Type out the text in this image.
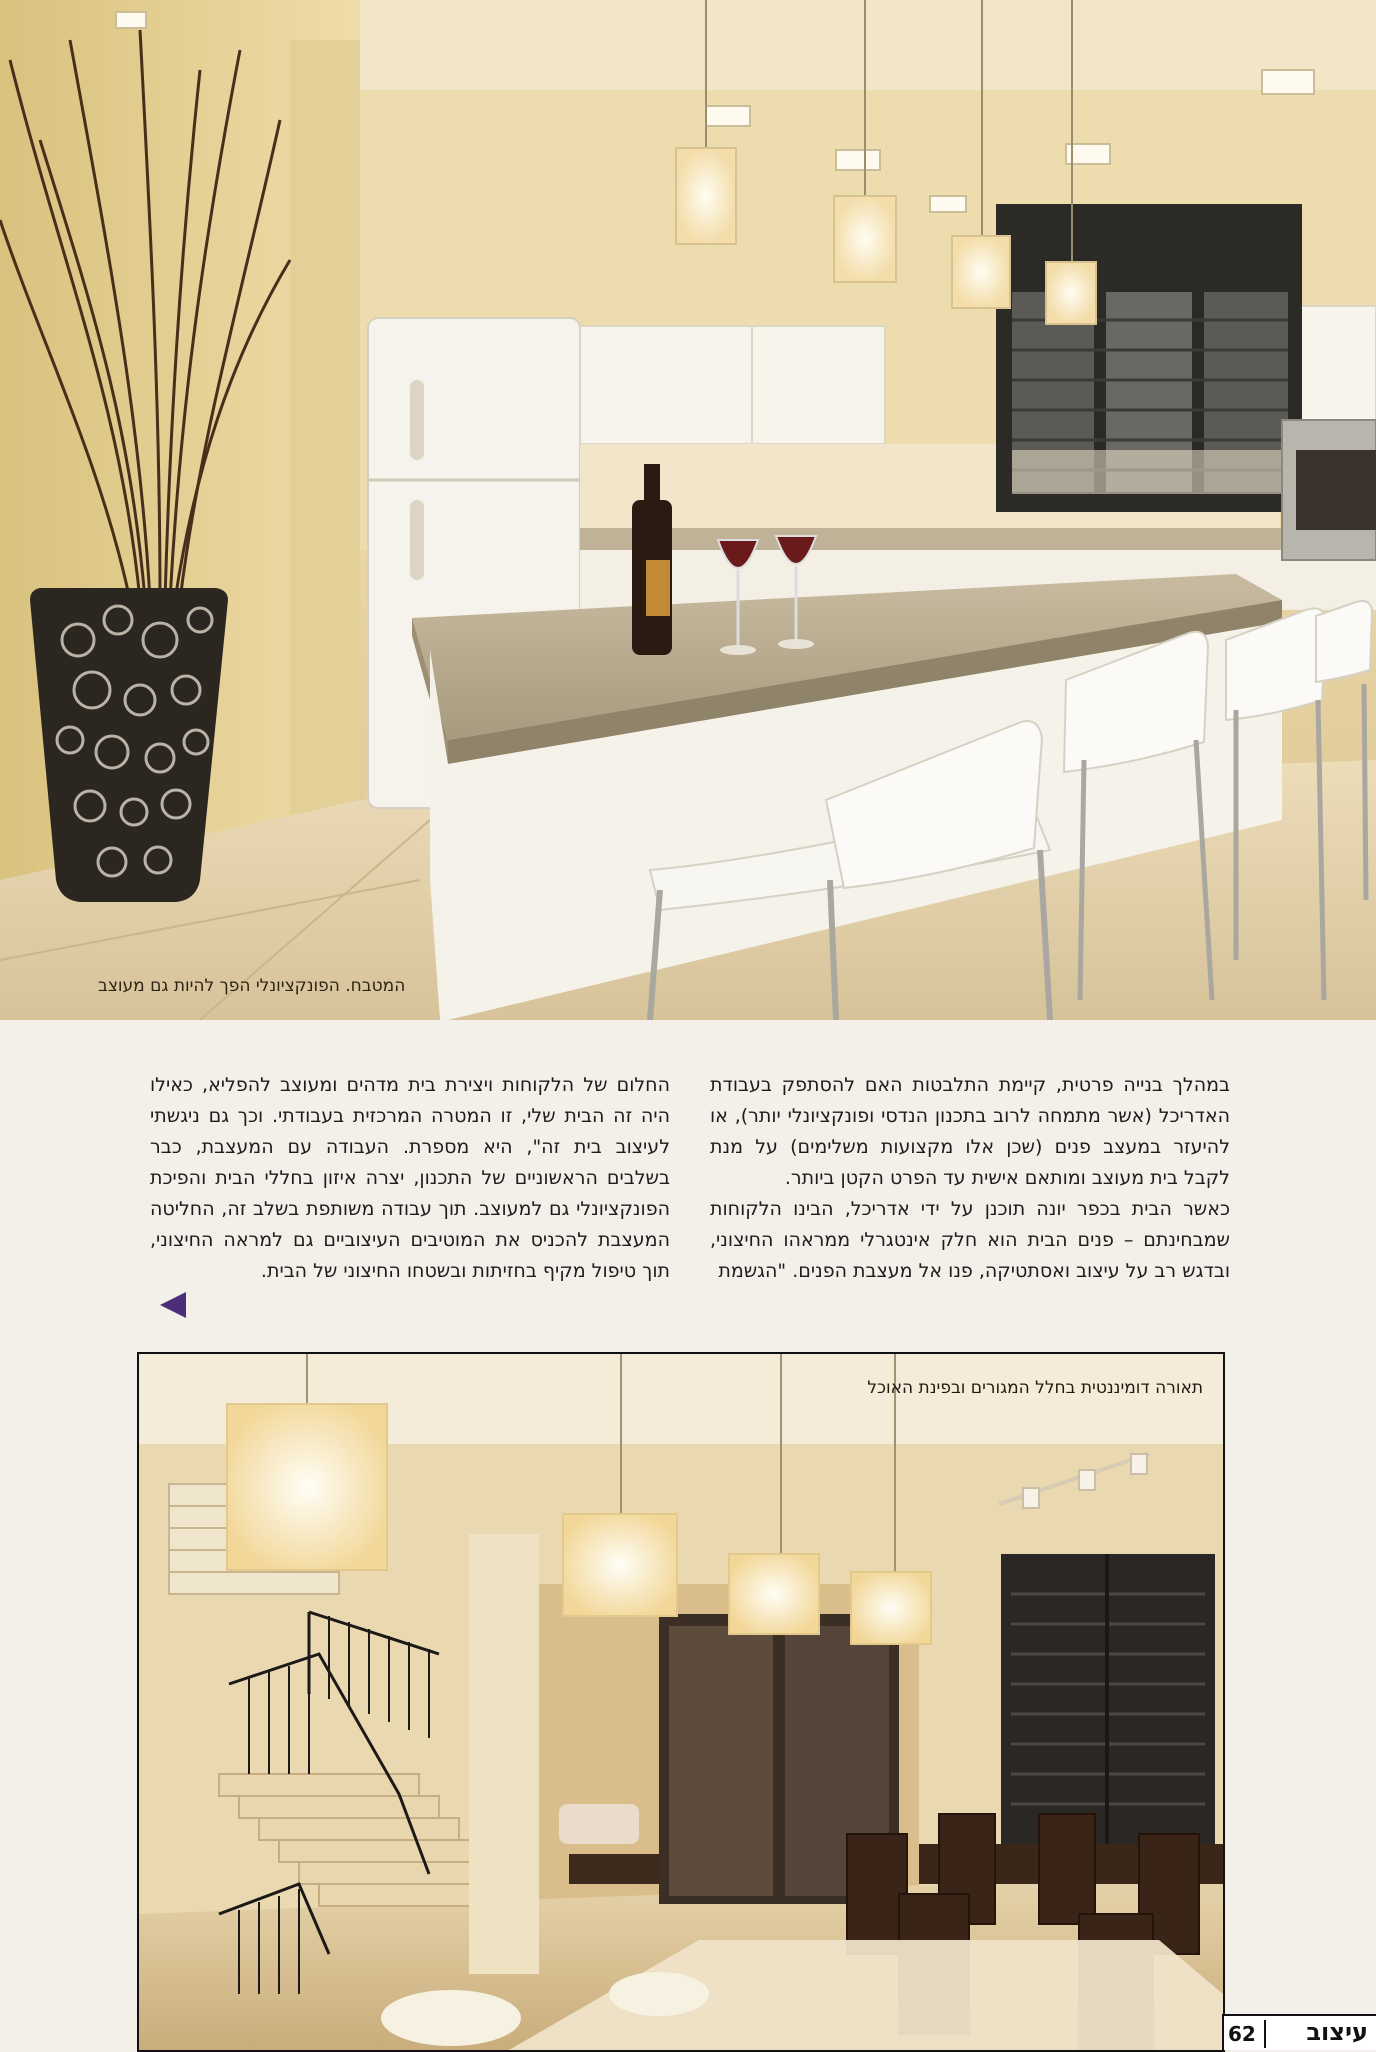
המטבח. הפונקציונלי הפך להיות גם מעוצב

במהלך בנייה פרטית, קיימת התלבטות האם להסתפק בעבודת האדריכל (אשר מתמחה לרוב בתכנון הנדסי ופונקציונלי יותר), או להיעזר במעצב פנים (שכן אלו מקצועות משלימים) על מנת לקבל בית מעוצב ומותאם אישית עד הפרט הקטן ביותר.

כאשר הבית בכפר יונה תוכנן על ידי אדריכל, הבינו הלקוחות שמבחינתם – פנים הבית הוא חלק אינטגרלי ממראהו החיצוני, ובדגש רב על עיצוב ואסתטיקה, פנו אל מעצבת הפנים. "הגשמת

החלום של הלקוחות ויצירת בית מדהים ומעוצב להפליא, כאילו היה זה הבית שלי, זו המטרה המרכזית בעבודתי. וכך גם ניגשתי לעיצוב בית זה", היא מספרת. העבודה עם המעצבת, כבר בשלבים הראשוניים של התכנון, יצרה איזון בחללי הבית והפיכת הפונקציונלי גם למעוצב. תוך עבודה משותפת בשלב זה, החליטה המעצבת להכניס את המוטיבים העיצוביים גם למראה החיצוני, תוך טיפול מקיף בחזיתות ובשטחו החיצוני של הבית.

תאורה דומיננטית בחלל המגורים ובפינת האוכל
עיצוב
62
